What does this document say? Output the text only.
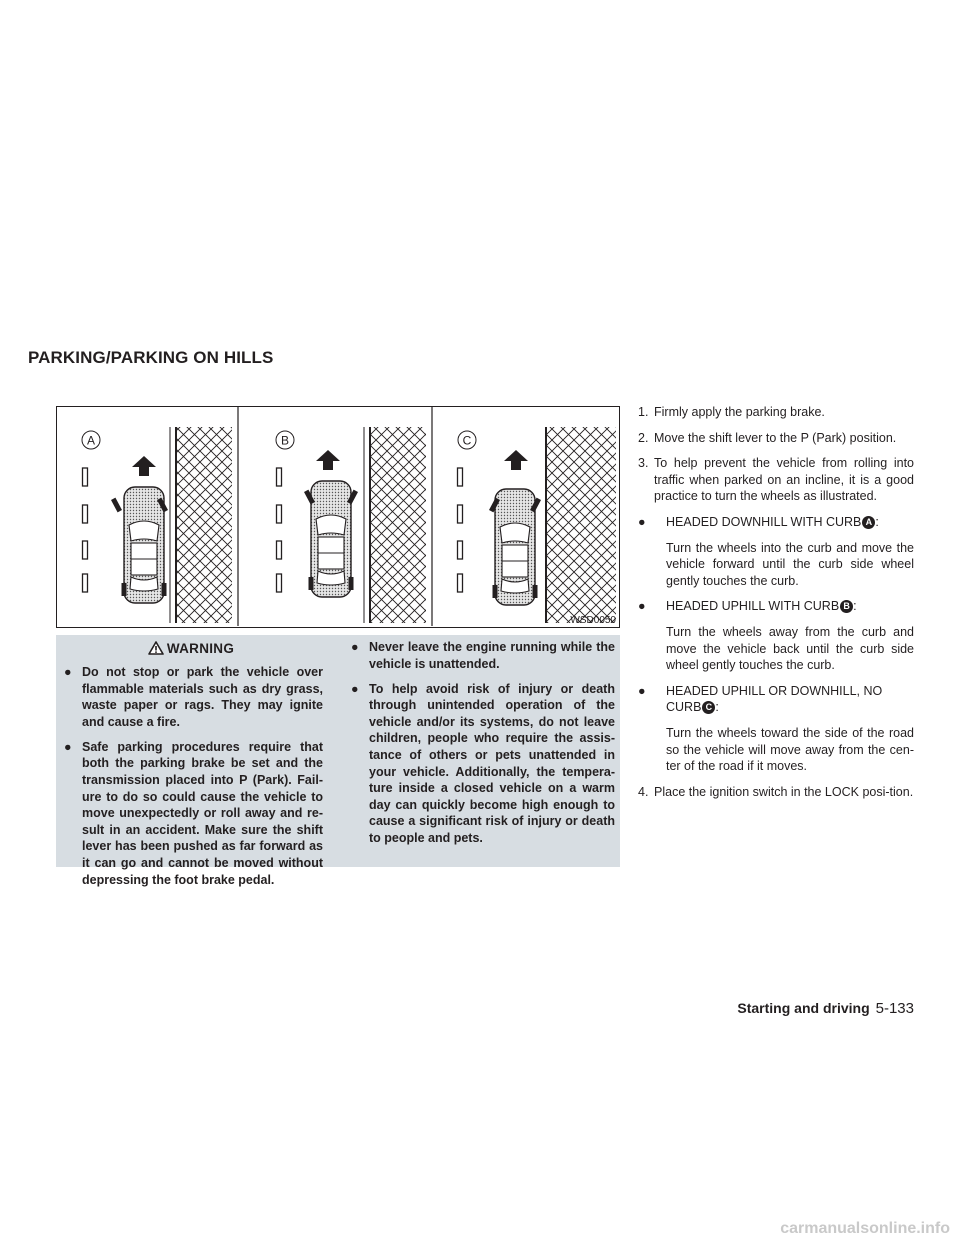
PARKING/PARKING ON HILLS
A	B	C
WSD0050
WARNING
● Do not stop or park the vehicle over flammable materials such as dry grass, waste paper or rags. They may ignite and cause a fire.
● Safe parking procedures require that both the parking brake be set and the transmission placed into P (Park). Fail-ure to do so could cause the vehicle to move unexpectedly or roll away and re-sult in an accident. Make sure the shift lever has been pushed as far forward as it can go and cannot be moved without depressing the foot brake pedal.
● Never leave the engine running while the vehicle is unattended.
● To help avoid risk of injury or death through unintended operation of the vehicle and/or its systems, do not leave children, people who require the assis-tance of others or pets unattended in your vehicle. Additionally, the tempera-ture inside a closed vehicle on a warm day can quickly become high enough to cause a significant risk of injury or death to people and pets.
1. Firmly apply the parking brake.
2. Move the shift lever to the P (Park) position.
3. To help prevent the vehicle from rolling into traffic when parked on an incline, it is a good practice to turn the wheels as illustrated.
● HEADED DOWNHILL WITH CURB A :
Turn the wheels into the curb and move the vehicle forward until the curb side wheel gently touches the curb.
● HEADED UPHILL WITH CURB B :
Turn the wheels away from the curb and move the vehicle back until the curb side wheel gently touches the curb.
● HEADED UPHILL OR DOWNHILL, NO CURB C :
Turn the wheels toward the side of the road so the vehicle will move away from the cen-ter of the road if it moves.
4. Place the ignition switch in the LOCK posi-tion.
Starting and driving 5-133
carmanualsonline.info
